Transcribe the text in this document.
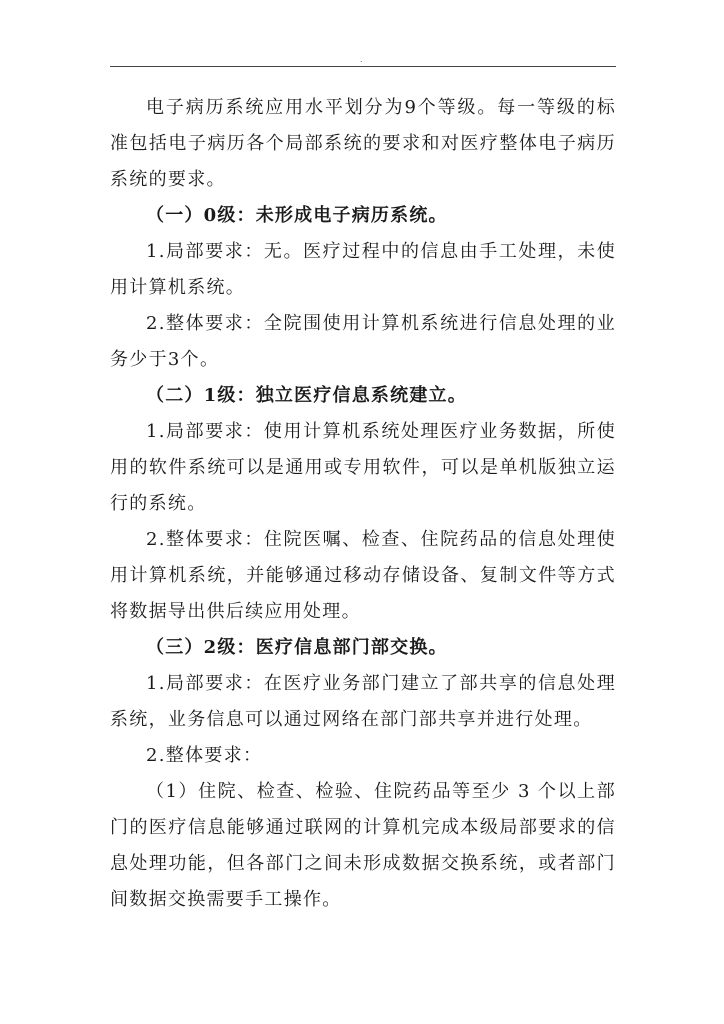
.

电子病历系统应用水平划分为9个等级。每一等级的标准包括电子病历各个局部系统的要求和对医疗整体电子病历系统的要求。

（一）0级：未形成电子病历系统。

1.局部要求：无。医疗过程中的信息由手工处理，未使用计算机系统。

2.整体要求：全院围使用计算机系统进行信息处理的业务少于3个。

（二）1级：独立医疗信息系统建立。

1.局部要求：使用计算机系统处理医疗业务数据，所使用的软件系统可以是通用或专用软件，可以是单机版独立运行的系统。

2.整体要求：住院医嘱、检查、住院药品的信息处理使用计算机系统，并能够通过移动存储设备、复制文件等方式将数据导出供后续应用处理。

（三）2级：医疗信息部门部交换。

1.局部要求：在医疗业务部门建立了部共享的信息处理系统，业务信息可以通过网络在部门部共享并进行处理。

2.整体要求：

（1）住院、检查、检验、住院药品等至少 3 个以上部门的医疗信息能够通过联网的计算机完成本级局部要求的信息处理功能，但各部门之间未形成数据交换系统，或者部门间数据交换需要手工操作。
